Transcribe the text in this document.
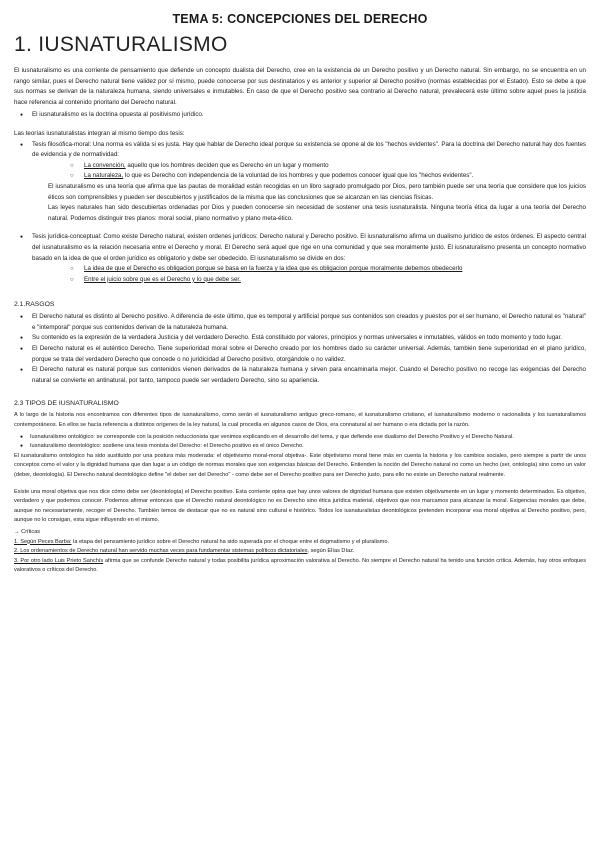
TEMA 5: CONCEPCIONES DEL DERECHO
1. IUSNATURALISMO

El iusnaturalismo es una corriente de pensamiento que defiende un concepto dualista del Derecho, cree en la existencia de un Derecho positivo y un Derecho natural. Sin embargo, no se encuentra en un rango similar, pues el Derecho natural tiene validez por sí mismo, puede conocerse por sus destinatarios y es anterior y superior al Derecho positivo (normas establecidas por el Estado). Esto se debe a que sus normas se derivan de la naturaleza humana, siendo universales e inmutables. En caso de que el Derecho positivo sea contrario al Derecho natural, prevalecerá este último sobre aquel pues la justicia hace referencia al contenido prioritario del Derecho natural.

● El iusnaturalismo es la doctrina opuesta al positivismo jurídico.

Las teorías iusnaturalistas integran al mismo tiempo dos tesis:

● Tesis filosófica-moral: Una norma es válida si es justa. Hay que hablar de Derecho ideal porque su existencia se opone al de los "hechos evidentes". Para la doctrina del Derecho natural hay dos fuentes de evidencia y de normatividad:
○ La convención, aquello que los hombres deciden que es Derecho en un lugar y momento
○ La naturaleza, lo que es Derecho con independencia de la voluntad de los hombres y que podemos conocer igual que los "hechos evidentes".

El iusnaturalismo es una teoría que afirma que las pautas de moralidad están recogidas en un libro sagrado promulgado por Dios, pero también puede ser una teoría que considere que los juicios éticos son comprensibles y pueden ser descubiertos y justificados de la misma que las conclusiones que se alcanzan en las ciencias físicas.

Las leyes naturales han sido descubiertas ordenadas por Dios y pueden conocerse sin necesidad de sostener una tesis iusnaturalista. Ninguna teoría ética da lugar a una teoría del Derecho natural. Podemos distinguir tres planos: moral social, plano normativo y plano meta-ético.

● Tesis jurídica-conceptual: Como existe Derecho natural, existen ordenes jurídicos: Derecho natural y Derecho positivo. El iusnaturalismo afirma un dualismo jurídico de estos órdenes. El aspecto central del iusnaturalismo es la relación necesaria entre el Derecho y moral. El Derecho será aquel que rige en una comunidad y que sea moralmente justo. El iusnaturalismo presenta un concepto normativo basado en la idea de que el orden jurídico es obligatorio y debe ser obedecido. El iusnaturalismo se divide en dos:
○ La idea de que el Derecho es obligacion porque se basa en la fuerza y la idea que es obligacion porque moralmente debemos obedecerlo
○ Entre el juicio sobre que es el Derecho y lo que debe ser.
2.1.RASGOS
● El Derecho natural es distinto al Derecho positivo. A diferencia de este último, que es temporal y artificial porque sus contenidos son creados y puestos por el ser humano, el Derecho natural es "natural" e "intemporal" porque sus contenidos derivan de la naturaleza humana.
● Su contenido es la expresión de la verdadera Justicia y del verdadero Derecho. Está constituido por valores, principios y normas universales e inmutables, válidos en todo momento y todo lugar.
● El Derecho natural es el auténtico Derecho. Tiene superioridad moral sobre el Derecho creado por los hombres dado su carácter universal. Además, también tiene superioridad en el plano jurídico, porque se trata del verdadero Derecho que concede o no juridicidad al Derecho positivo, otorgándole o no validez.
● El Derecho natural es natural porque sus contenidos vienen derivados de la naturaleza humana y sirven para encaminarla mejor. Cuando el Derecho positivo no recoge las exigencias del Derecho natural se convierte en antinatural, por tanto, tampoco puede ser verdadero Derecho, sino su apariencia.
2.3 TIPOS DE IUSNATURALISMO

A lo largo de la historia nos encontramos con diferentes tipos de iusnaturalismo, como serán el iusnaturalismo antiguo greco-romano, el iusnaturalismo cristiano, el iusnaturalismo moderno o racionalista y los iusnaturalismos contemporáneos. En ellos se hacía referencia a distintos orígenes de la ley natural, la cual procedía en algunos casos de Dios, era connatural al ser humano o era dictada por la razón.

● Iusnaturalismo ontológico: se corresponde con la posición reduccionista que venimos explicando en el desarrollo del tema, y que defiende ese dualismo del Derecho Positivo y el Derecho Natural.
● Iusnaturalismo deontológico: sostiene una tesis monista del Derecho: el Derecho positivo es el único Derecho.

El iusnaturalismo ontológico ha sido sustituido por una postura más moderada: el objetivismo moral-moral objetiva-. Este objetivismo moral tiene más en cuenta la historia y los cambios sociales, pero siempre a partir de unos conceptos como el valor y la dignidad humana que dan lugar a un código de normas morales que son exigencias básicas del Derecho. Entienden la noción del Derecho natural no como un hecho (ser, ontología) sino como un valor (deber, deontología). El Derecho natural deontológico define "el deber ser del Derecho" - como debe ser el Derecho positivo para ser Derecho justo, para ello no existe un Derecho natural realmente.

Existe una moral objetiva que nos dice cómo debe ser (deontología) el Derecho positivo. Esta corriente opina que hay unos valores de dignidad humana que existen objetivamente en un lugar y momento determinados. Es objetivo, verdadero y que podemos conocer. Podemos afirmar entonces que el Derecho natural deontológico no es Derecho sino ética jurídica material, objetivos que nos marcamos para alcanzar la moral. Exigencias morales que debe, aunque no necesariamente, recoger el Derecho. También temos de destacar que no es natural sino cultural e histórico. Todos los iusnaturalistas deontológicos pretenden incorporar esa moral objetiva al Derecho positivo, pero, aunque no lo consigan, esta sigue influyendo en el mismo.

→ Críticas

1. Según Peces Barba: la etapa del pensamiento jurídico sobre el Derecho natural ha sido superada por el choque entre el dogmatismo y el pluralismo.

2. Los ordenamientos de Derecho natural han servido muchas veces para fundamentar sistemas políticos dictatoriales, según Elías Díaz.

3. Por otro lado Luis Prieto Sanchís afirma que se confunde Derecho natural y todas posibilita jurídica aproximación valorativa al Derecho. No siempre el Derecho natural ha tenido una función crítica. Además, hay otros enfoques valorativos o críticos del Derecho.
